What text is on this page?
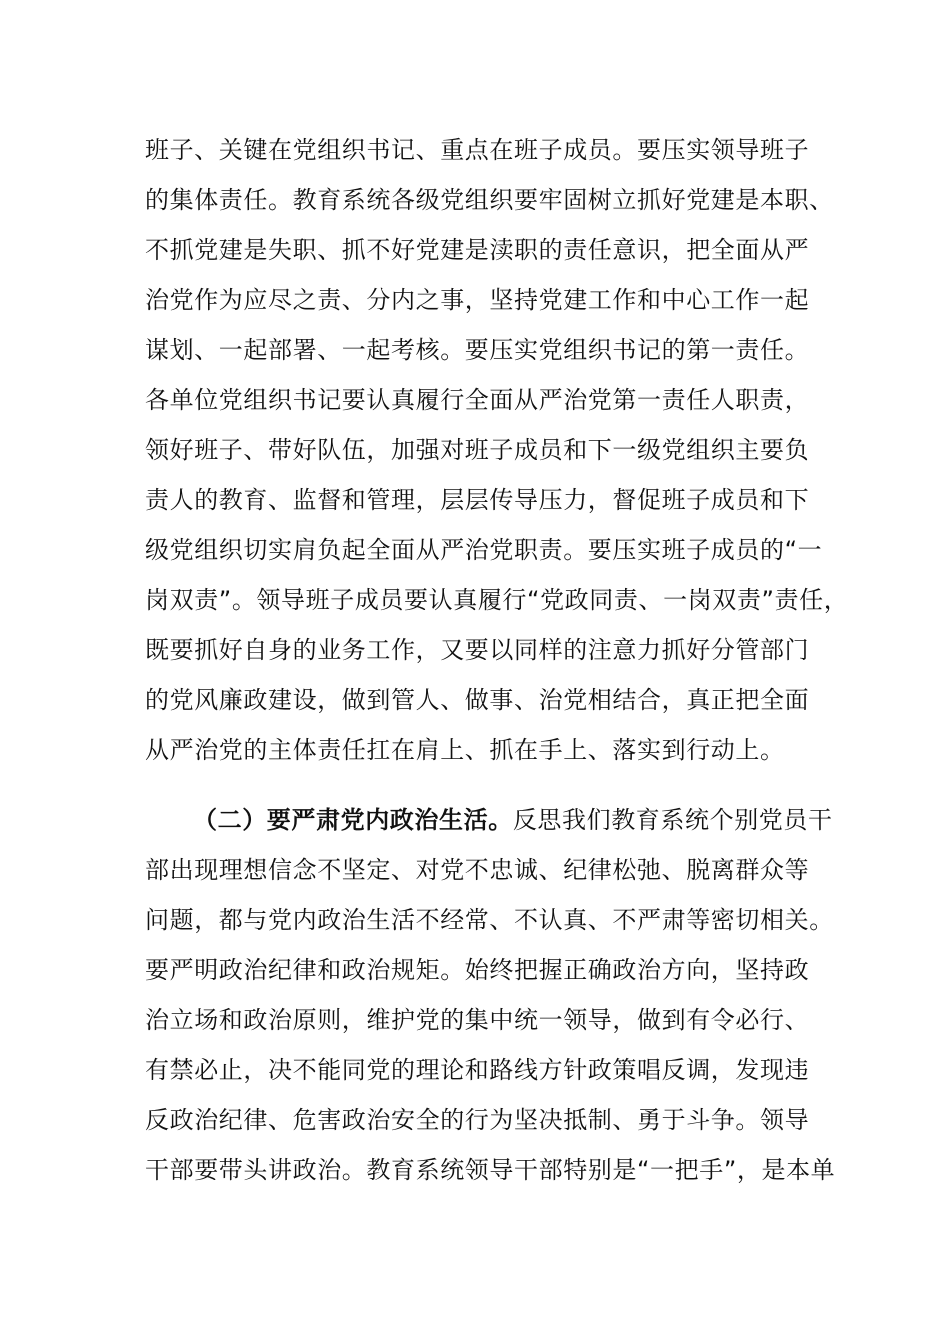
班子、关键在党组织书记、重点在班子成员。要压实领导班子
的集体责任。教育系统各级党组织要牢固树立抓好党建是本职、
不抓党建是失职、抓不好党建是渎职的责任意识，把全面从严
治党作为应尽之责、分内之事，坚持党建工作和中心工作一起
谋划、一起部署、一起考核。要压实党组织书记的第一责任。
各单位党组织书记要认真履行全面从严治党第一责任人职责，
领好班子、带好队伍，加强对班子成员和下一级党组织主要负
责人的教育、监督和管理，层层传导压力，督促班子成员和下
级党组织切实肩负起全面从严治党职责。要压实班子成员的“一
岗双责”。领导班子成员要认真履行“党政同责、一岗双责”责任，
既要抓好自身的业务工作，又要以同样的注意力抓好分管部门
的党风廉政建设，做到管人、做事、治党相结合，真正把全面
从严治党的主体责任扛在肩上、抓在手上、落实到行动上。
（二）要严肃党内政治生活。反思我们教育系统个别党员干
部出现理想信念不坚定、对党不忠诚、纪律松弛、脱离群众等
问题，都与党内政治生活不经常、不认真、不严肃等密切相关。
要严明政治纪律和政治规矩。始终把握正确政治方向，坚持政
治立场和政治原则，维护党的集中统一领导，做到有令必行、
有禁必止，决不能同党的理论和路线方针政策唱反调，发现违
反政治纪律、危害政治安全的行为坚决抵制、勇于斗争。领导
干部要带头讲政治。教育系统领导干部特别是“一把手”，是本单
